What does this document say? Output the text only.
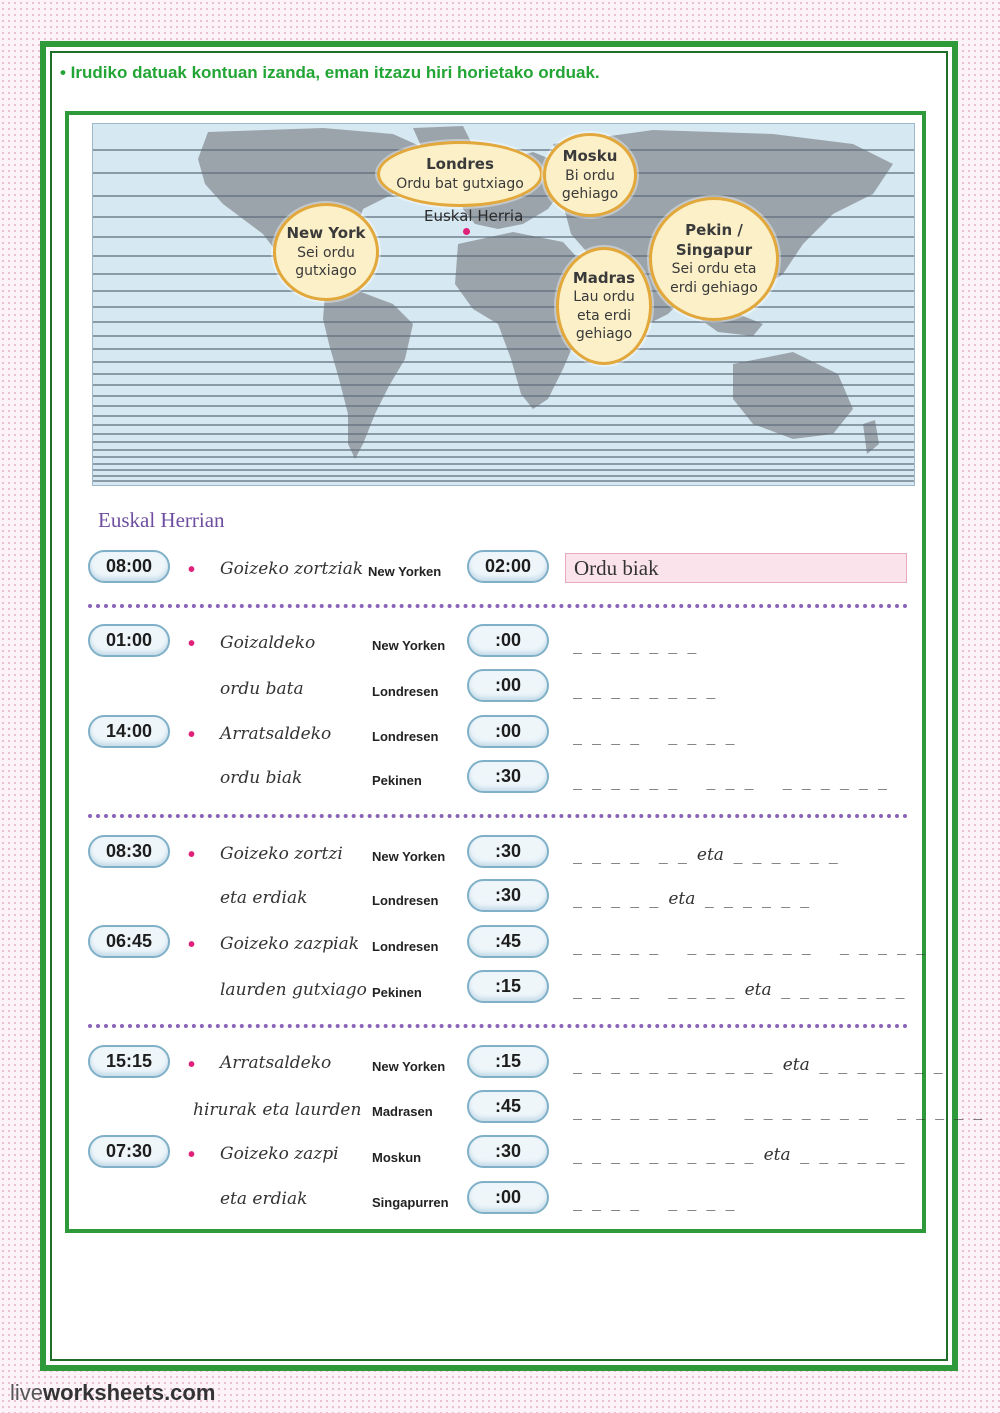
• Irudiko datuak kontuan izanda, eman itzazu hiri horietako orduak.
Londres
Ordu bat gutxiago
Mosku
Bi ordu
gehiago
New York
Sei ordu
gutxiago
Pekin /
Singapur
Sei ordu eta
erdi gehiago
Madras
Lau ordu
eta erdi
gehiago
Euskal Herria
Euskal Herrian
08:00	• Goizeko zortziak New Yorken	02:00	Ordu biak
01:00	• Goizaldeko	New Yorken	:00	_ _ _ _ _ _ _
ordu bata	Londresen	:00	_ _ _ _ _ _ _ _
14:00	• Arratsaldeko	Londresen	:00	_ _ _ _   _ _ _ _
ordu biak	Pekinen	:30	_ _ _ _ _ _   _ _ _   _ _ _ _ _ _
08:30	• Goizeko zortzi New Yorken	:30	_ _ _ _  _ _ eta _ _ _ _ _ _
eta erdiak	Londresen	:30	_ _ _ _ _ eta _ _ _ _ _ _
06:45	• Goizeko zazpiak Londresen	:45	_ _ _ _ _   _ _ _ _ _ _ _   _ _ _ _ _
laurden gutxiago Pekinen	:15	_ _ _ _   _ _ _ _ eta _ _ _ _ _ _ _
15:15	• Arratsaldeko	New Yorken	:15	_ _ _ _ _ _ _ _ _ _ _ eta _ _ _ _ _ _ _
hirurak eta laurden Madrasen	:45	_ _ _ _ _ _ _ _   _ _ _ _ _ _ _   _ _ _ _ _
07:30	• Goizeko zazpi	Moskun	:30	_ _ _ _ _ _ _ _ _ _ eta _ _ _ _ _ _
eta erdiak	Singapurren	:00	_ _ _ _   _ _ _ _
liveworksheets.com
